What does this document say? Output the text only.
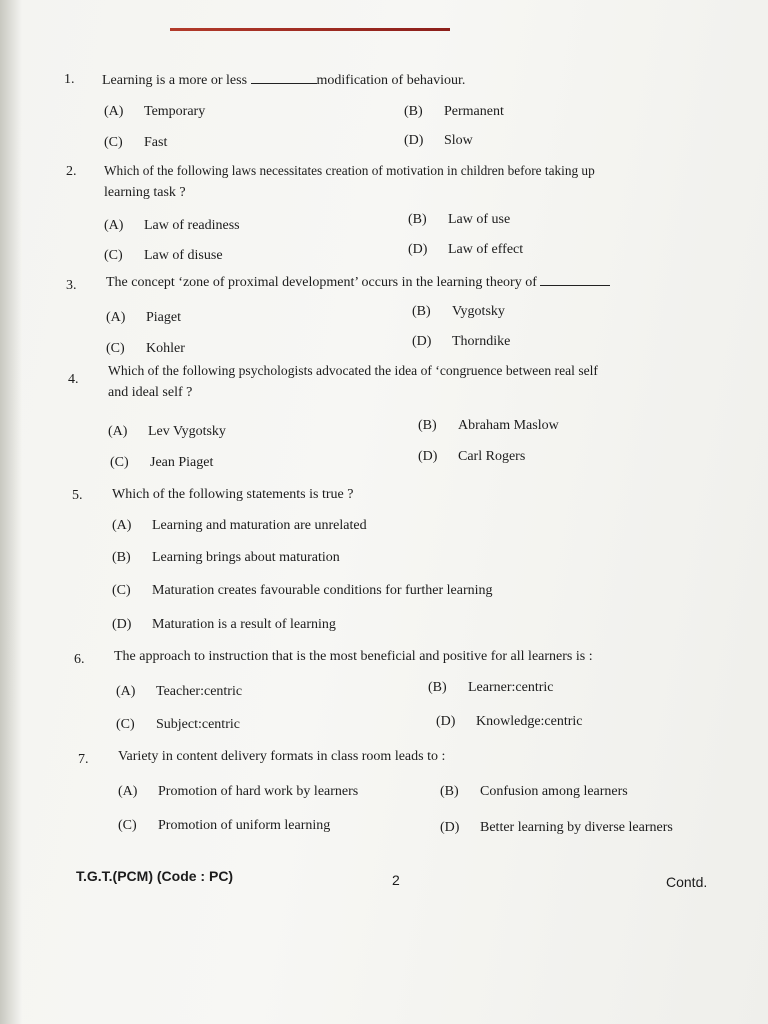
1. Learning is a more or less	modification of behaviour.
(A) Temporary	(B) Permanent
(C) Fast	(D) Slow
2. Which of the following laws necessitates creation of motivation in children before taking up
learning task ?
(A) Law of readiness	(B) Law of use
(C) Law of disuse	(D) Law of effect
3. The concept ‘zone of proximal development’ occurs in the learning theory of
(A) Piaget	(B) Vygotsky
(C) Kohler	(D) Thorndike
4.
Which of the following psychologists advocated the idea of ‘congruence between real self
and ideal self ?
(A) Lev Vygotsky	(B) Abraham Maslow
(C) Jean Piaget	(D) Carl Rogers
5. Which of the following statements is true ?
(A) Learning and maturation are unrelated
(B) Learning brings about maturation
(C) Maturation creates favourable conditions for further learning
(D) Maturation is a result of learning
6. The approach to instruction that is the most beneficial and positive for all learners is :
(A) Teacher:centric	(B) Learner:centric
(C) Subject:centric	(D) Knowledge:centric
7. Variety in content delivery formats in class room leads to :
(A) Promotion of hard work by learners	(B) Confusion among learners
(C) Promotion of uniform learning	(D) Better learning by diverse learners
T.G.T.(PCM) (Code : PC)	2	Contd.
